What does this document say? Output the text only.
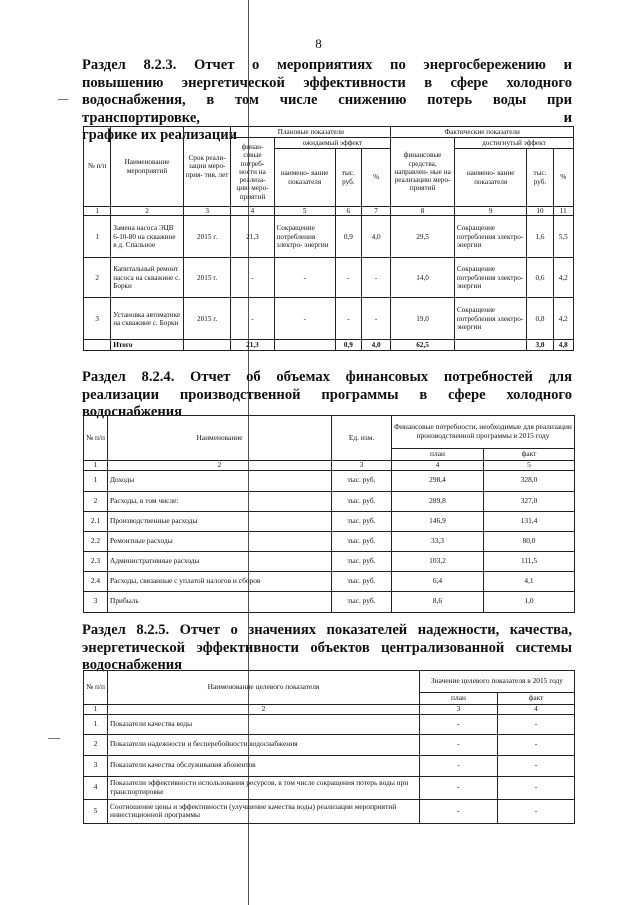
8
Раздел 8.2.3. Отчет о мероприятиях по энергосбережению и
повышению энергетической эффективности в сфере холодного
водоснабжения, в том числе снижению потерь воды при транспортировке, и
графике их реализации
№ п/п	Наименование мероприятий	Срок реали- зации меро- прия- тия, лет	Плановые показатели				Фактические показатели			
			финан- совые потреб- ности на реализа- цию меро- приятий	ожидаемый эффект			финансовые средства, направлен- ные на реализацию меро- приятий	достигнутый эффект		
				наимено- вание показателя	тыс. руб.	%		наимено- вание показателя	тыс. руб.	%
1	2	3	4	5	6	7	8	9	10	11
1	Замена насоса ЭЦВ 6-10-80 на скважине в д. Спальное	2015 г.	21,3	Сокращение потребления электро- энергии	0,9	4,0	29,5	Сокращение потребления электро- энергии	1,6	5,5
2	Капитальный ремонт насоса на скважине с. Борки	2015 г.	-	-	-	-	14,0	Сокращение потребления электро- энергии	0,6	4,2
3	Установка автоматике на скважине с. Борки	2015 г.	-	-	-	-	19,0	Сокращение потребления электро- энергии	0,8	4,2
	Итого		21,3		0,9	4,0	62,5		3,0	4,8
Раздел 8.2.4. Отчет об объемах финансовых потребностей для
реализации производственной программы в сфере холодного
водоснабжения
№ п/п	Наименование	Ед. изм.	Финансовые потребности, необходимые для реализации производственной программы в 2015 году	
			план	факт
1	2	3	4	5
1	Доходы	тыс. руб.	298,4	328,0
2	Расходы, в том числе:	тыс. руб.	289,8	327,0
2.1	Производственные расходы	тыс. руб.	146,9	131,4
2.2	Ремонтные расходы	тыс. руб.	33,3	80,0
2.3	Административные расходы	тыс. руб.	103,2	111,5
2.4	Расходы, связанные с уплатой налогов и сборов	тыс. руб.	6,4	4,1
3	Прибыль	тыс. руб.	8,6	1,0
Раздел 8.2.5. Отчет о значениях показателей надежности, качества,
энергетической эффективности объектов централизованной системы
водоснабжения
№ п/п	Наименование целевого показателя	Значение целевого показателя в 2015 году	
		план	факт
1	2	3	4
1	Показатели качества воды	-	-
2	Показатели надежности и бесперебойности водоснабжения	-	-
3	Показатели качества обслуживания абонентов	-	-
4	Показатели эффективности использования ресурсов, в том числе сокращения потерь воды при транспортировке	-	-
5	Соотношение цены и эффективности (улучшение качества воды) реализации мероприятий инвестиционной программы	-	-
